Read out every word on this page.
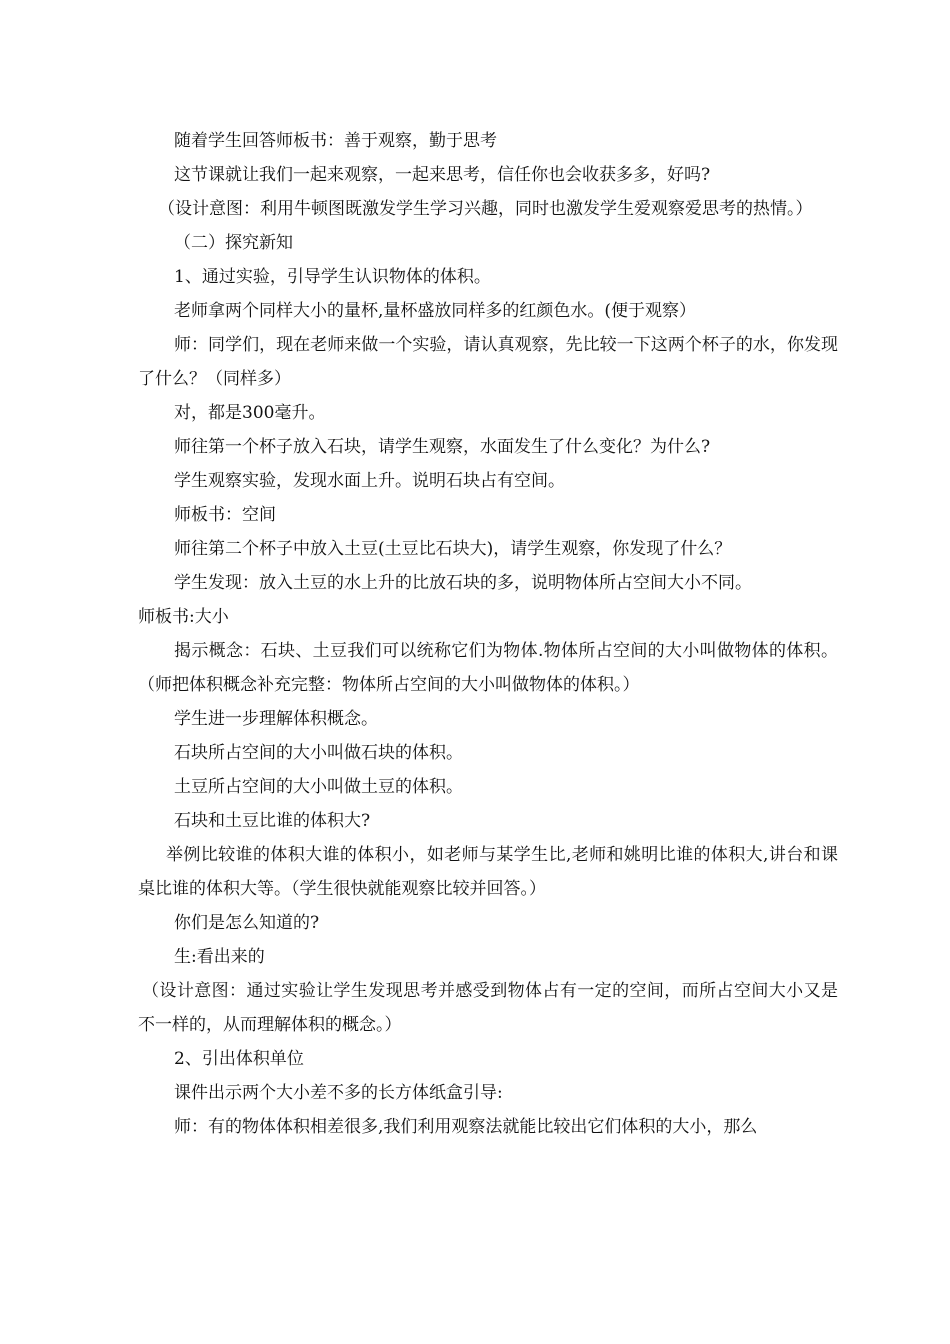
随着学生回答师板书：善于观察，勤于思考

这节课就让我们一起来观察，一起来思考，信任你也会收获多多，好吗?

（设计意图：利用牛顿图既激发学生学习兴趣，同时也激发学生爱观察爱思考的热情。）

（二）探究新知

1、通过实验，引导学生认识物体的体积。

老师拿两个同样大小的量杯,量杯盛放同样多的红颜色水。(便于观察）

师：同学们，现在老师来做一个实验，请认真观察，先比较一下这两个杯子的水，你发现了什么？（同样多）

对，都是300毫升。

师往第一个杯子放入石块，请学生观察，水面发生了什么变化？为什么?

学生观察实验，发现水面上升。说明石块占有空间。

师板书：空间

师往第二个杯子中放入土豆(土豆比石块大)，请学生观察，你发现了什么？

学生发现：放入土豆的水上升的比放石块的多，说明物体所占空间大小不同。

师板书:大小

揭示概念：石块、土豆我们可以统称它们为物体.物体所占空间的大小叫做物体的体积。（师把体积概念补充完整：物体所占空间的大小叫做物体的体积。）

学生进一步理解体积概念。

石块所占空间的大小叫做石块的体积。

土豆所占空间的大小叫做土豆的体积。

石块和土豆比谁的体积大?

举例比较谁的体积大谁的体积小，如老师与某学生比,老师和姚明比谁的体积大,讲台和课桌比谁的体积大等。（学生很快就能观察比较并回答。）

你们是怎么知道的?

生:看出来的

（设计意图：通过实验让学生发现思考并感受到物体占有一定的空间，而所占空间大小又是不一样的，从而理解体积的概念。）

2、引出体积单位

课件出示两个大小差不多的长方体纸盒引导:

师：有的物体体积相差很多,我们利用观察法就能比较出它们体积的大小，那么
